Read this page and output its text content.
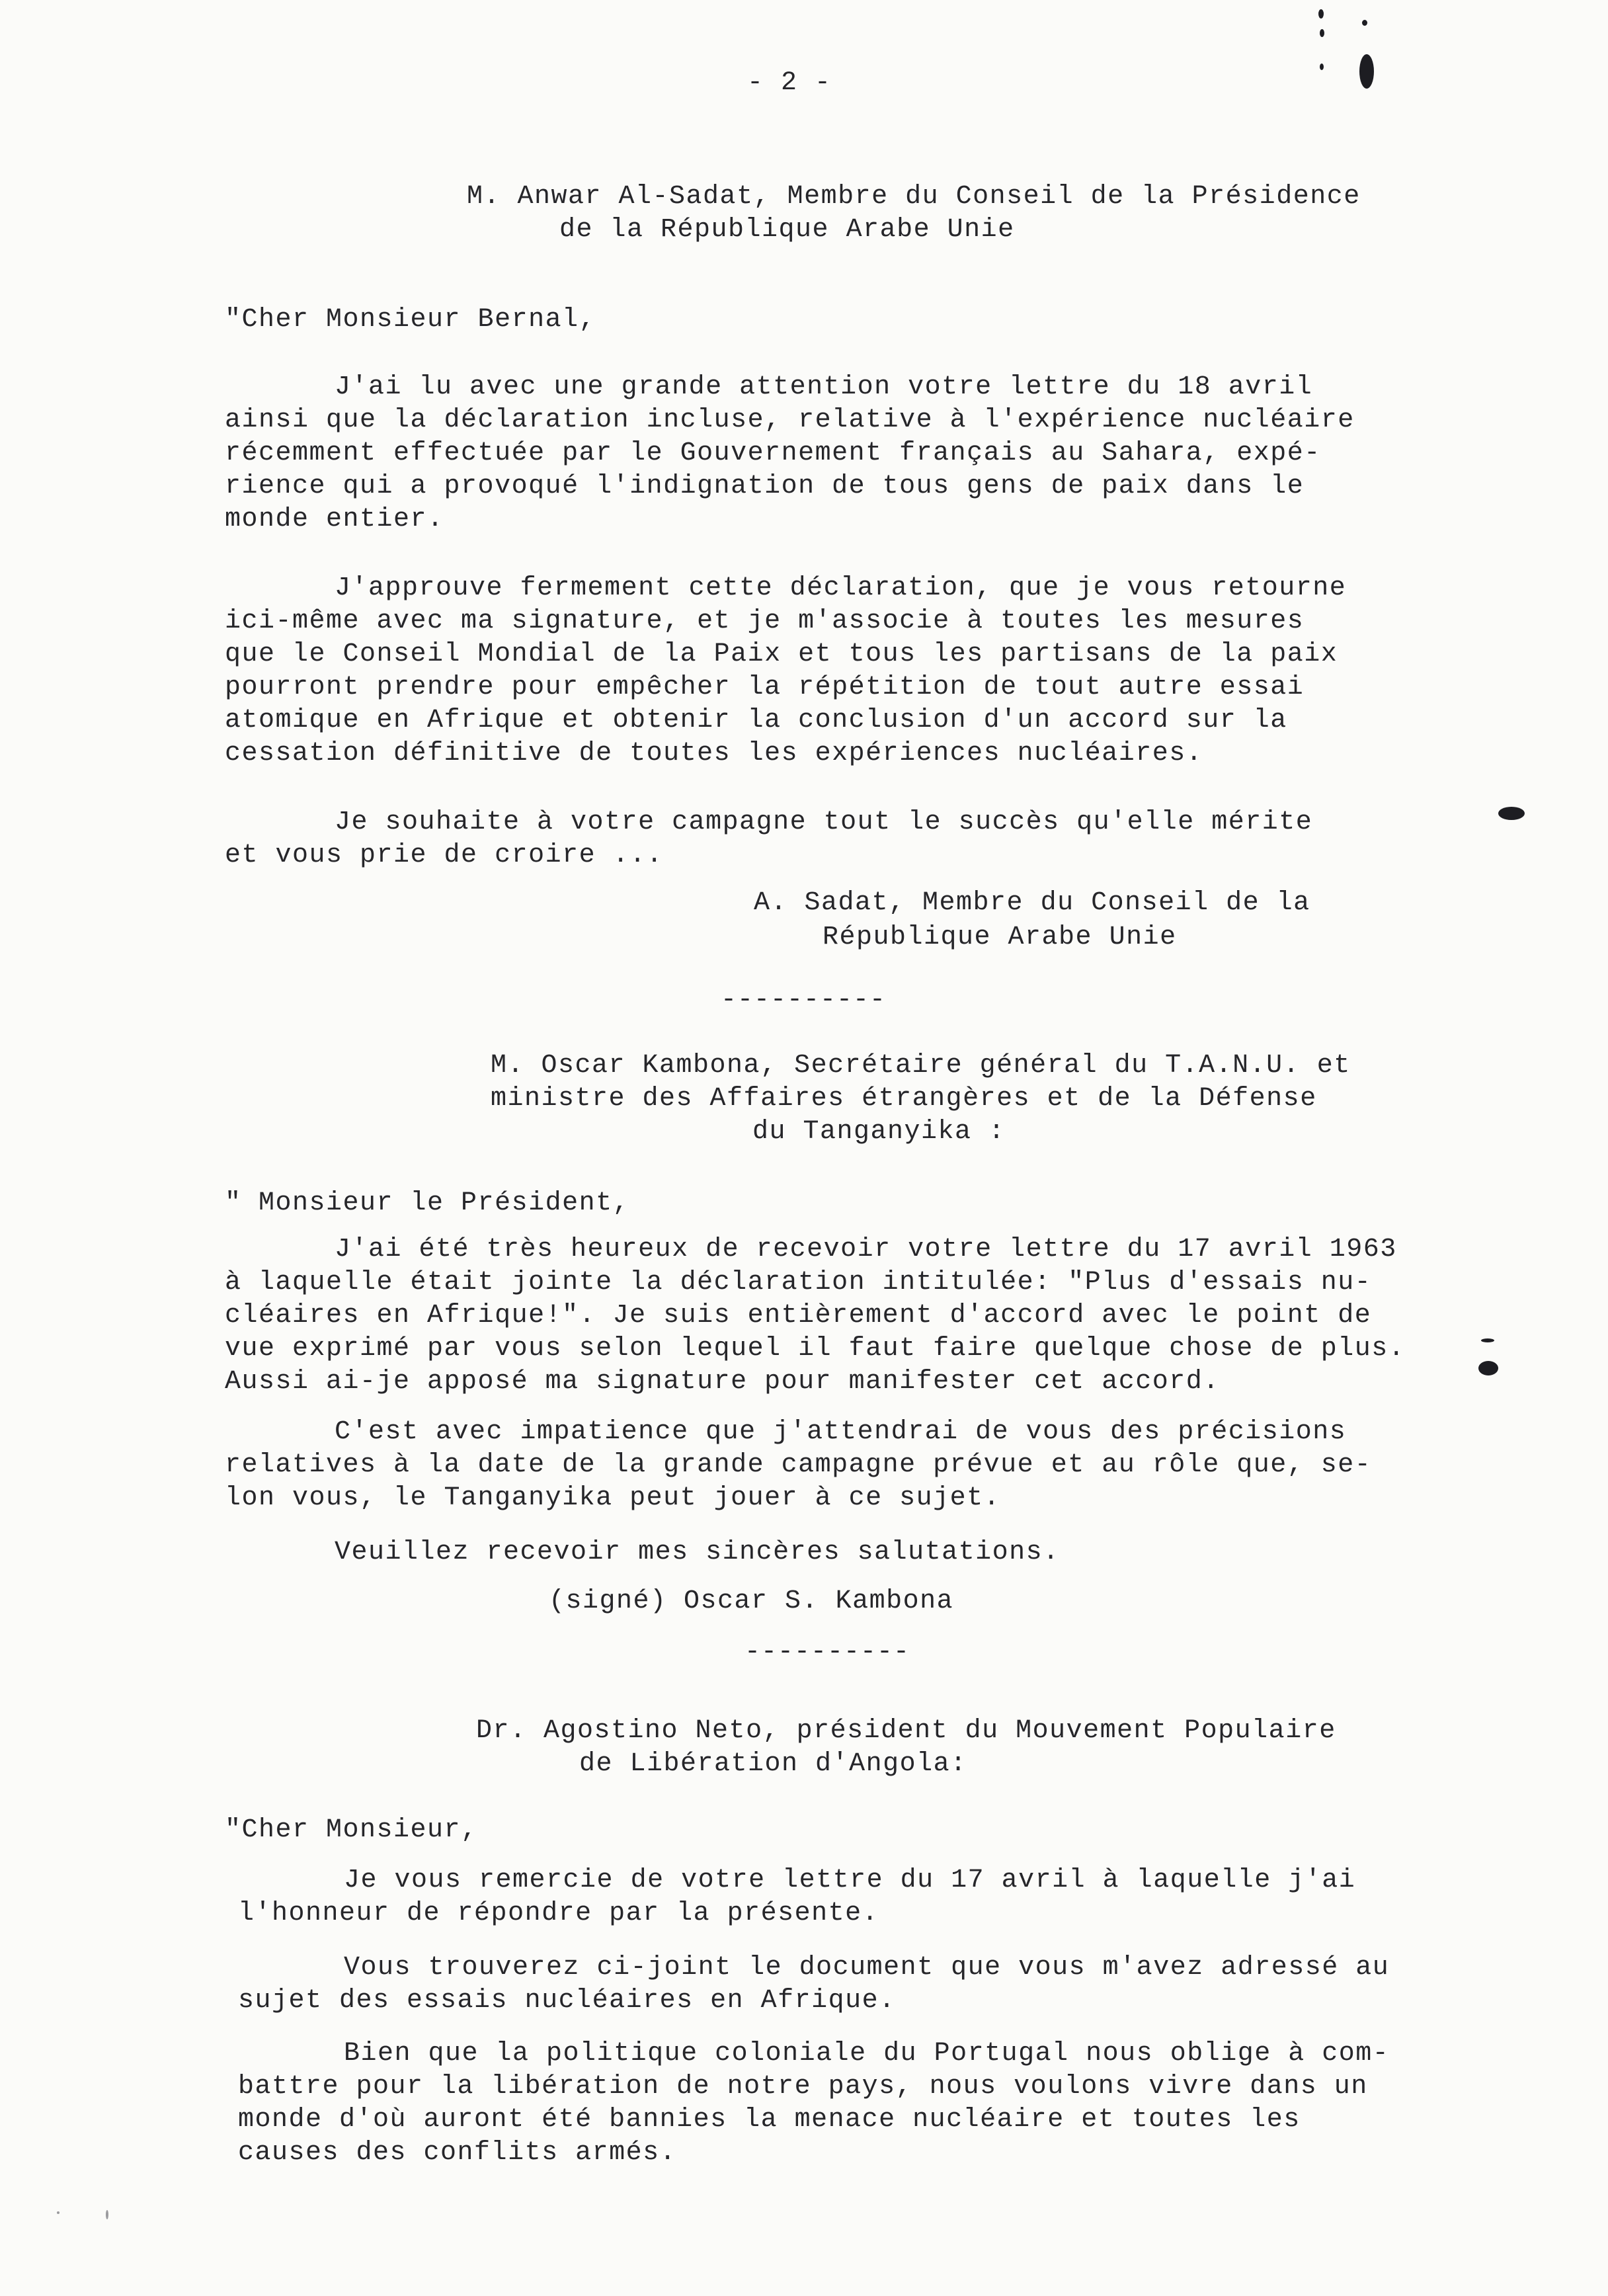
- 2 -
M. Anwar Al-Sadat, Membre du Conseil de la Présidence
de la République Arabe Unie
"Cher Monsieur Bernal,
J'ai lu avec une grande attention votre lettre du 18 avril
ainsi que la déclaration incluse, relative à l'expérience nucléaire
récemment effectuée par le Gouvernement français au Sahara, expé-
rience qui a provoqué l'indignation de tous gens de paix dans le
monde entier.
J'approuve fermement cette déclaration, que je vous retourne
ici-même avec ma signature, et je m'associe à toutes les mesures
que le Conseil Mondial de la Paix et tous les partisans de la paix
pourront prendre pour empêcher la répétition de tout autre essai
atomique en Afrique et obtenir la conclusion d'un accord sur la
cessation définitive de toutes les expériences nucléaires.
Je souhaite à votre campagne tout le succès qu'elle mérite
et vous prie de croire ...
A. Sadat, Membre du Conseil de la
République Arabe Unie
----------
M. Oscar Kambona, Secrétaire général du T.A.N.U. et
ministre des Affaires étrangères et de la Défense
du Tanganyika :
" Monsieur le Président,
J'ai été très heureux de recevoir votre lettre du 17 avril 1963
à laquelle était jointe la déclaration intitulée: "Plus d'essais nu-
cléaires en Afrique!". Je suis entièrement d'accord avec le point de
vue exprimé par vous selon lequel il faut faire quelque chose de plus.
Aussi ai-je apposé ma signature pour manifester cet accord.
C'est avec impatience que j'attendrai de vous des précisions
relatives à la date de la grande campagne prévue et au rôle que, se-
lon vous, le Tanganyika peut jouer à ce sujet.
Veuillez recevoir mes sincères salutations.
(signé) Oscar S. Kambona
----------
Dr. Agostino Neto, président du Mouvement Populaire
de Libération d'Angola:
"Cher Monsieur,
Je vous remercie de votre lettre du 17 avril à laquelle j'ai
l'honneur de répondre par la présente.
Vous trouverez ci-joint le document que vous m'avez adressé au
sujet des essais nucléaires en Afrique.
Bien que la politique coloniale du Portugal nous oblige à com-
battre pour la libération de notre pays, nous voulons vivre dans un
monde d'où auront été bannies la menace nucléaire et toutes les
causes des conflits armés.
